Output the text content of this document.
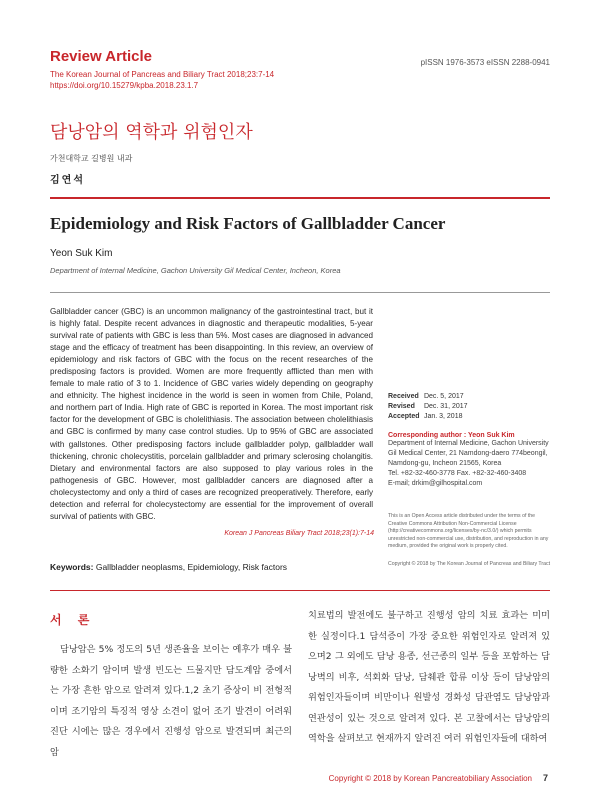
Review Article
The Korean Journal of Pancreas and Biliary Tract 2018;23:7-14
https://doi.org/10.15279/kpba.2018.23.1.7
pISSN 1976-3573 eISSN 2288-0941
담낭암의 역학과 위험인자
가천대학교 길병원 내과
김연석
Epidemiology and Risk Factors of Gallbladder Cancer
Yeon Suk Kim
Department of Internal Medicine, Gachon University Gil Medical Center, Incheon, Korea
Gallbladder cancer (GBC) is an uncommon malignancy of the gastrointestinal tract, but it is highly fatal. Despite recent advances in diagnostic and therapeutic modalities, 5-year survival rate of patients with GBC is less than 5%. Most cases are diagnosed in advanced stage and the efficacy of treatment has been disappointing. In this review, an overview of epidemiology and risk factors of GBC with the focus on the recent researches of the predisposing factors is provided. Women are more frequently afflicted than men with female to male ratio of 3 to 1. Incidence of GBC varies widely depending on geography and ethnicity. The highest incidence in the world is seen in women from Chile, Poland, and northern part of India. High rate of GBC is reported in Korea. The most important risk factor for the development of GBC is cholelithiasis. The association between cholelithiasis and GBC is confirmed by many case control studies. Up to 95% of GBC are associated with gallstones. Other predisposing factors include gallbladder polyp, gallbladder wall thickening, chronic cholecystitis, porcelain gallbladder and primary sclerosing cholangitis. Dietary and environmental factors are also supposed to play various roles in the pathogenesis of GBC. However, most gallbladder cancers are diagnosed after a cholecystectomy and only a third of cases are recognized preoperatively. Therefore, early detection and referral for cholecystectomy are essential for the improvement of overall survival of patients with GBC.
Korean J Pancreas Biliary Tract 2018;23(1):7-14
Keywords: Gallbladder neoplasms, Epidemiology, Risk factors
Received Dec. 5, 2017
Revised Dec. 31, 2017
Accepted Jan. 3, 2018
Corresponding author : Yeon Suk Kim
Department of Internal Medicine, Gachon University
Gil Medical Center, 21 Namdong-daero 774beongil,
Namdong-gu, Incheon 21565, Korea
Tel. +82-32-460-3778 Fax. +82-32-460-3408
E-mail; drkim@gilhospital.com
This is an Open Access article distributed under the terms of the Creative Commons Attribution Non-Commercial License (http://creativecommons.org/licenses/by-nc/3.0/) which permits unrestricted non-commercial use, distribution, and reproduction in any medium, provided the original work is properly cited.
Copyright © 2018 by The Korean Journal of Pancreas and Biliary Tract
서 론

담낭암은 5% 정도의 5년 생존율을 보이는 예후가 매우 불량한 소화기 암이며 발생 빈도는 드물지만 담도계암 중에서는 가장 흔한 암으로 알려져 있다.1,2 초기 증상이 비 전형적이며 조기암의 특징적 영상 소견이 없어 조기 발견이 어려워 진단 시에는 많은 경우에서 진행성 암으로 발견되며 최근의 암

치료법의 발전에도 불구하고 진행성 암의 치료 효과는 미미한 실정이다.1 담석증이 가장 중요한 위험인자로 알려져 있으며2 그 외에도 담낭 용종, 선근종의 일부 등을 포함하는 담낭벽의 비후, 석회화 담낭, 담췌관 합류 이상 등이 담낭암의 위험인자들이며 비만이나 원발성 경화성 담관염도 담낭암과 연관성이 있는 것으로 알려져 있다. 본 고찰에서는 담낭암의 역학을 살펴보고 현재까지 알려진 여러 위험인자들에 대하여

Copyright © 2018 by Korean Pancreatobiliary Association 7
